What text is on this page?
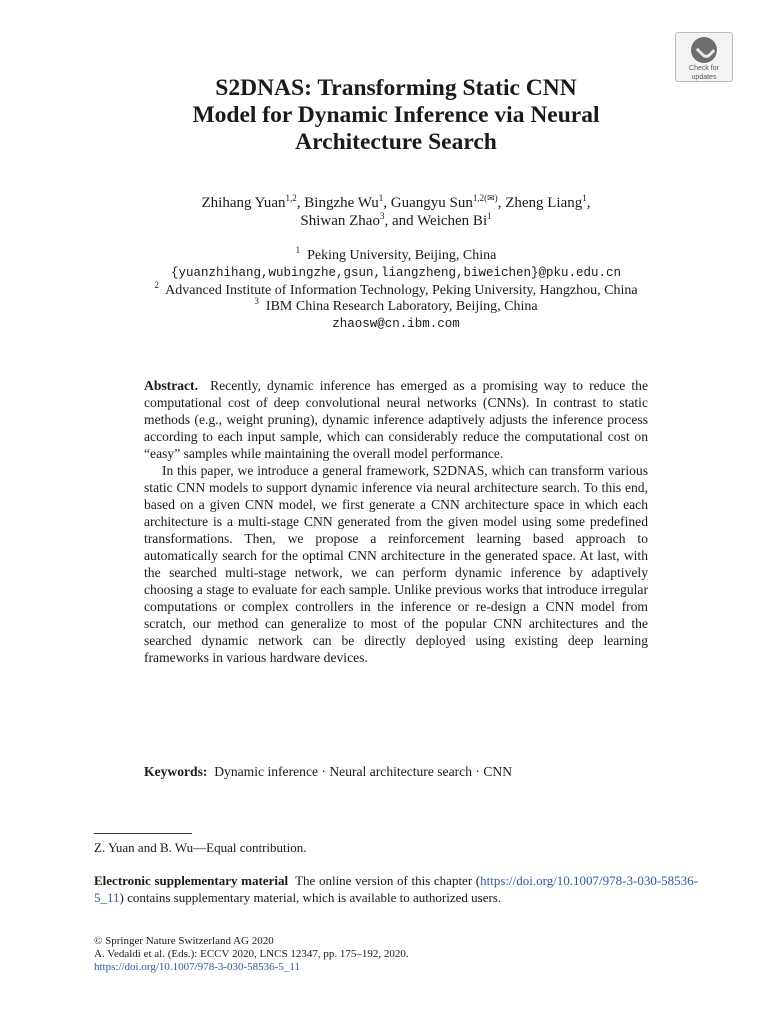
Check for
updates
S2DNAS: Transforming Static CNN
Model for Dynamic Inference via Neural
Architecture Search
Zhihang Yuan$^{1,2}$, Bingzhe Wu$^1$, Guangyu Sun$^{1,2(✉)}$, Zheng Liang$^1$,
Shiwan Zhao$^3$, and Weichen Bi$^1$
$^1$ Peking University, Beijing, China
{yuanzhihang,wubingzhe,gsun,liangzheng,biweichen}@pku.edu.cn
$^2$ Advanced Institute of Information Technology, Peking University, Hangzhou, China
$^3$ IBM China Research Laboratory, Beijing, China
zhaosw@cn.ibm.com

Abstract. Recently, dynamic inference has emerged as a promising way to reduce the computational cost of deep convolutional neural networks (CNNs). In contrast to static methods (e.g., weight pruning), dynamic inference adaptively adjusts the inference process according to each input sample, which can considerably reduce the computational cost on “easy” samples while maintaining the overall model performance.

In this paper, we introduce a general framework, S2DNAS, which can transform various static CNN models to support dynamic inference via neural architecture search. To this end, based on a given CNN model, we first generate a CNN architecture space in which each architecture is a multi-stage CNN generated from the given model using some predefined transformations. Then, we propose a reinforcement learning based approach to automatically search for the optimal CNN architecture in the generated space. At last, with the searched multi-stage network, we can perform dynamic inference by adaptively choosing a stage to evaluate for each sample. Unlike previous works that introduce irregular computations or complex controllers in the inference or re-design a CNN model from scratch, our method can generalize to most of the popular CNN architectures and the searched dynamic network can be directly deployed using existing deep learning frameworks in various hardware devices.

Keywords: Dynamic inference · Neural architecture search · CNN
Z. Yuan and B. Wu—Equal contribution.
Electronic supplementary material The online version of this chapter (https://doi.org/10.1007/978-3-030-58536-5_11) contains supplementary material, which is available to authorized users.
© Springer Nature Switzerland AG 2020
A. Vedaldi et al. (Eds.): ECCV 2020, LNCS 12347, pp. 175–192, 2020.
https://doi.org/10.1007/978-3-030-58536-5_11
